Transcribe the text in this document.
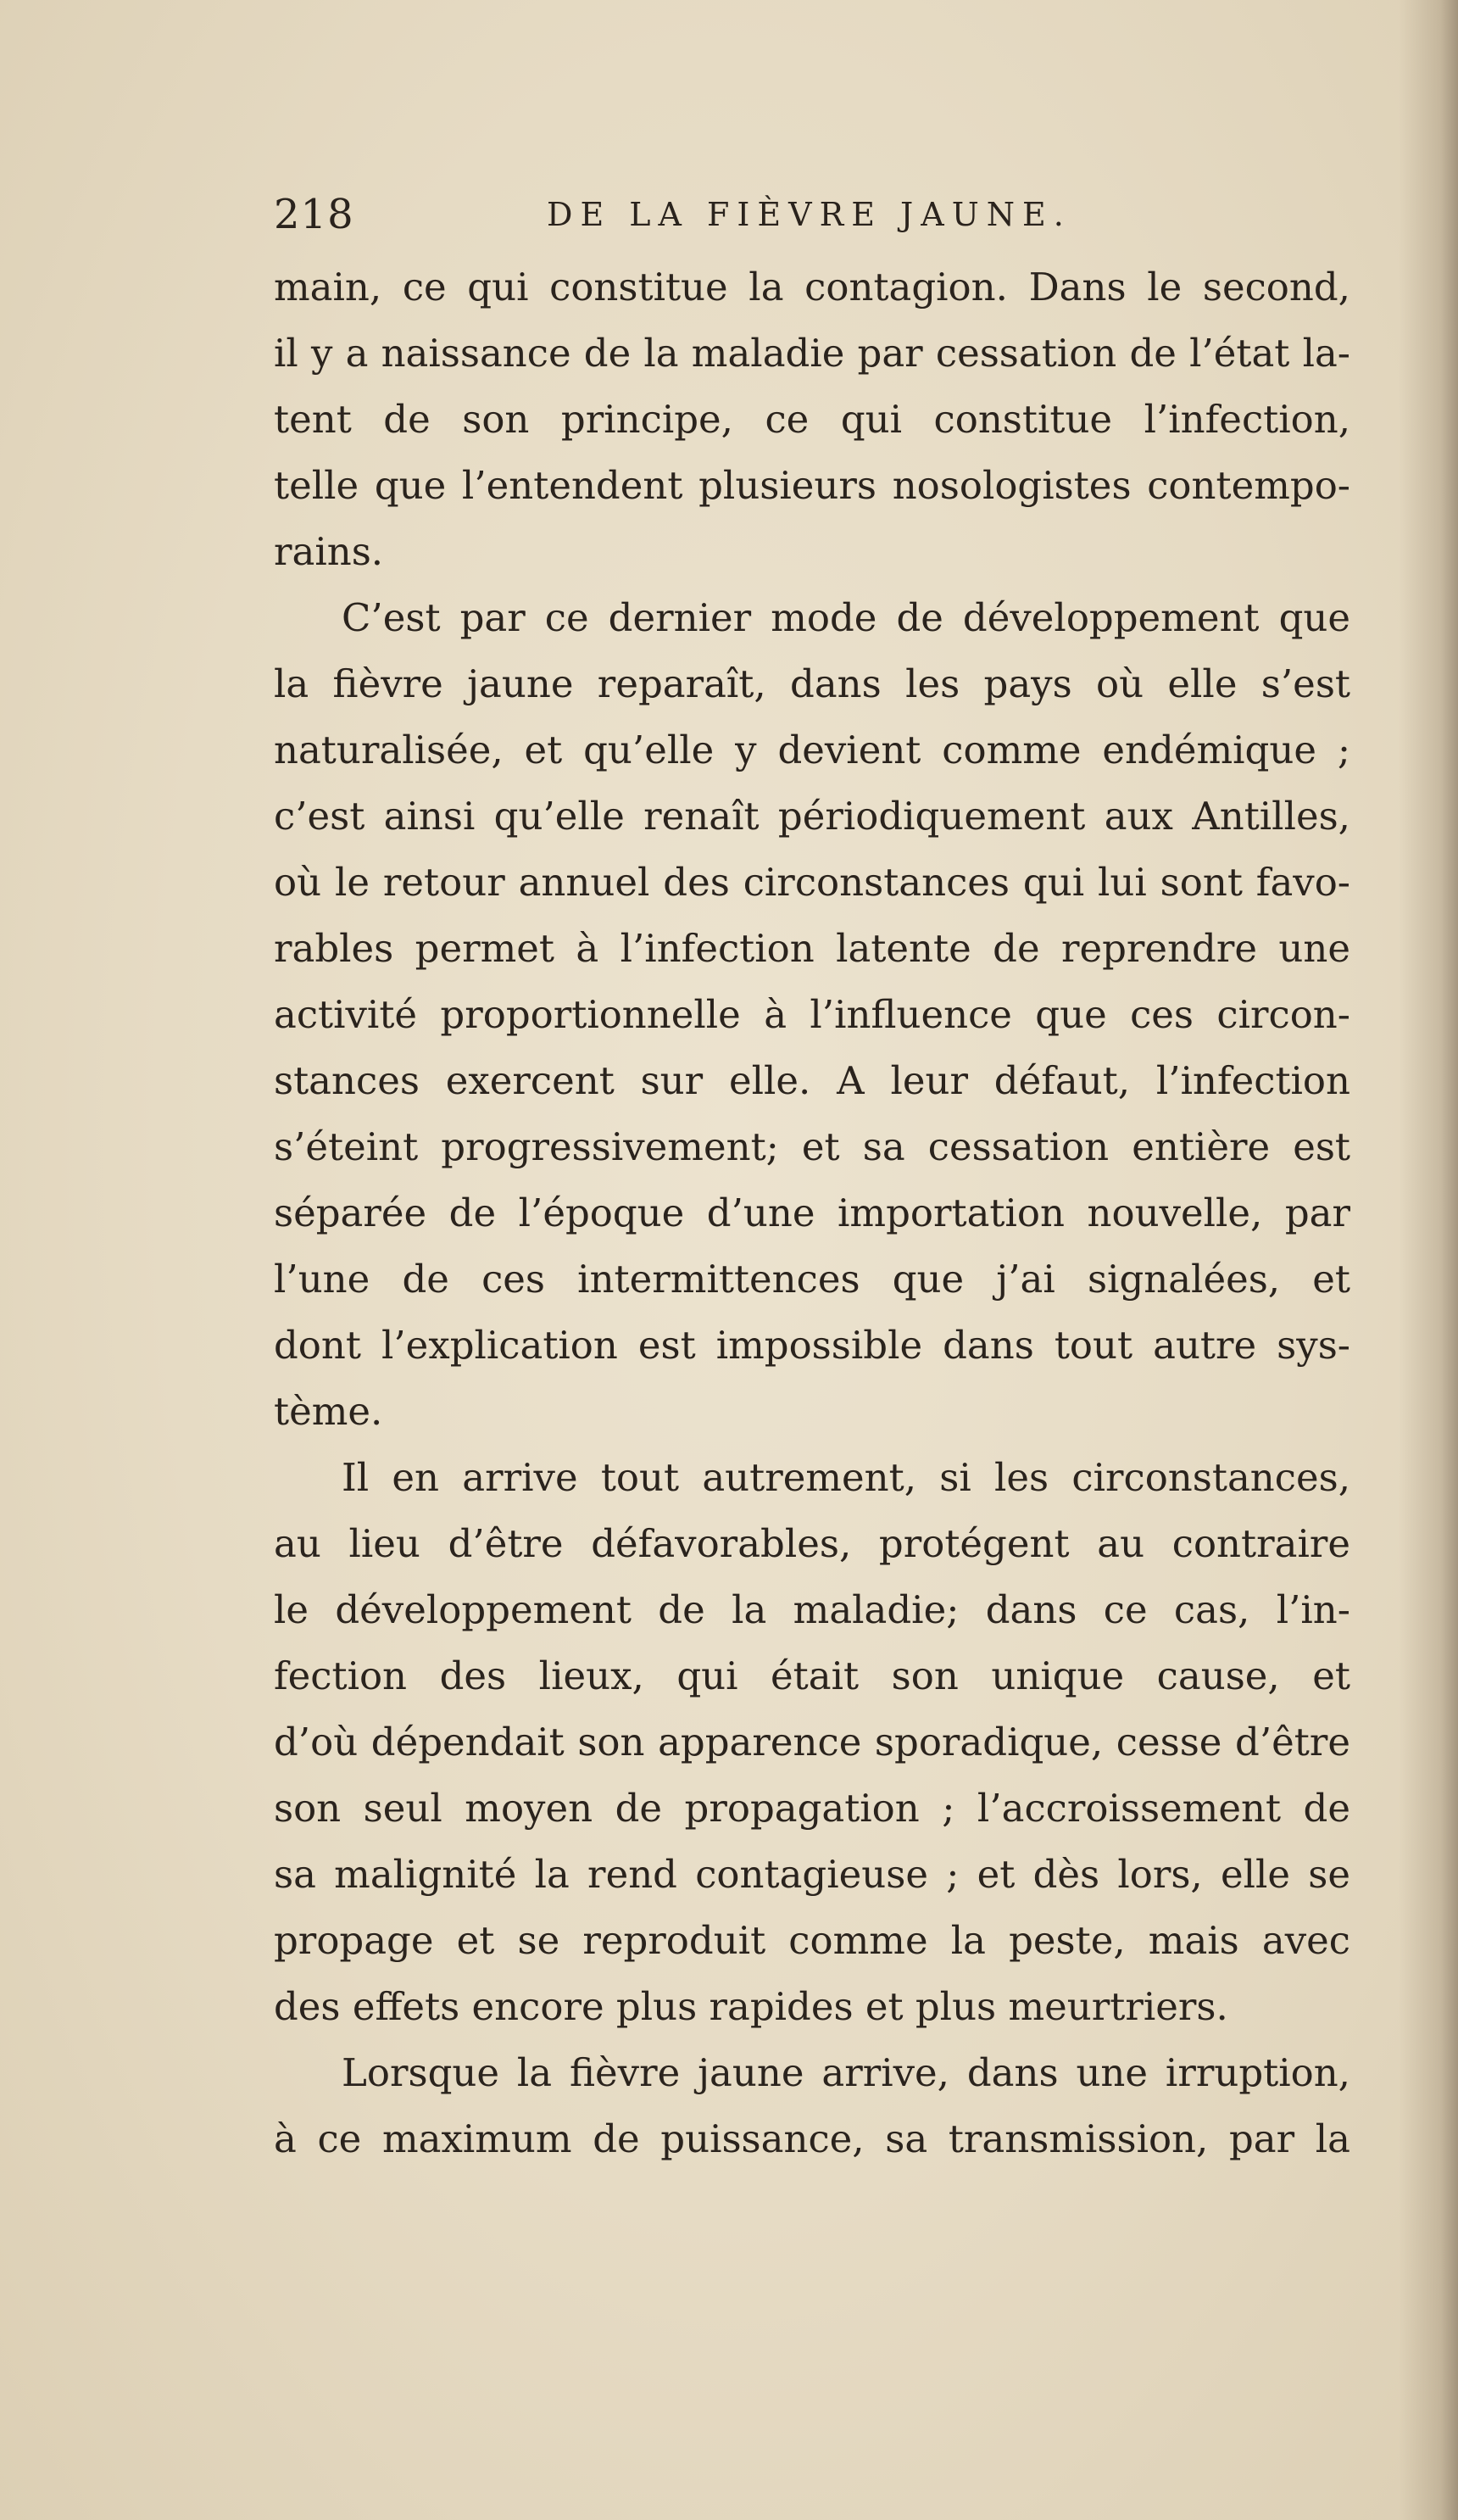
218	DE LA FIÈVRE JAUNE.
main, ce qui constitue la contagion. Dans le second,
il y a naissance de la maladie par cessation de l’état la-
tent de son principe, ce qui constitue l’infection,
telle que l’entendent plusieurs nosologistes contempo-
rains.
C’est par ce dernier mode de développement que
la fièvre jaune reparaît, dans les pays où elle s’est
naturalisée, et qu’elle y devient comme endémique ;
c’est ainsi qu’elle renaît périodiquement aux Antilles,
où le retour annuel des circonstances qui lui sont favo-
rables permet à l’infection latente de reprendre une
activité proportionnelle à l’influence que ces circon-
stances exercent sur elle. A leur défaut, l’infection
s’éteint progressivement; et sa cessation entière est
séparée de l’époque d’une importation nouvelle, par
l’une de ces intermittences que j’ai signalées, et
dont l’explication est impossible dans tout autre sys-
tème.
Il en arrive tout autrement, si les circonstances,
au lieu d’être défavorables, protégent au contraire
le développement de la maladie; dans ce cas, l’in-
fection des lieux, qui était son unique cause, et
d’où dépendait son apparence sporadique, cesse d’être
son seul moyen de propagation ; l’accroissement de
sa malignité la rend contagieuse ; et dès lors, elle se
propage et se reproduit comme la peste, mais avec
des effets encore plus rapides et plus meurtriers.
Lorsque la fièvre jaune arrive, dans une irruption,
à ce maximum de puissance, sa transmission, par la
